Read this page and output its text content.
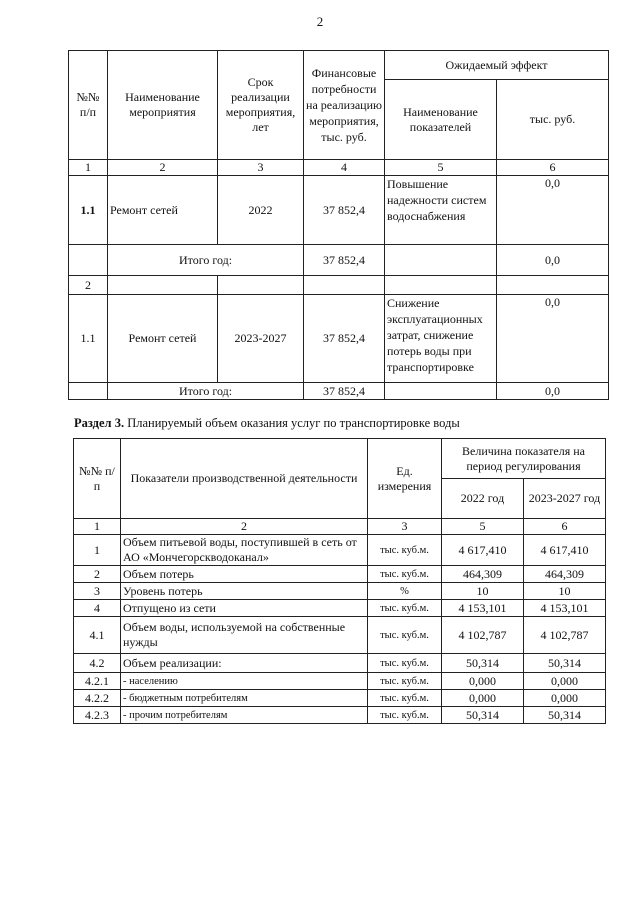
2
№№ п/п	Наименование мероприятия	Срок реализации мероприятия, лет	Финансовые потребности на реализацию мероприятия, тыс. руб.	Ожидаемый эффект	
				Наименование показателей	тыс. руб.
1	2	3	4	5	6
1.1	Ремонт сетей	2022	37 852,4	Повышение надежности систем водоснабжения	0,0
	Итого год:		37 852,4		0,0
2					
1.1	Ремонт сетей	2023-2027	37 852,4	Снижение эксплуатационных затрат, снижение потерь воды при транспортировке	0,0
	Итого год:		37 852,4		0,0
Раздел 3. Планируемый объем оказания услуг по транспортировке воды
№№ п/п	Показатели производственной деятельности	Ед. измерения	Величина показателя на период регулирования	
			2022 год	2023-2027 год
1	2	3	5	6
1	Объем питьевой воды, поступившей в сеть от АО «Мончегорскводоканал»	тыс. куб.м.	4 617,410	4 617,410
2	Объем потерь	тыс. куб.м.	464,309	464,309
3	Уровень потерь	%	10	10
4	Отпущено из сети	тыс. куб.м.	4 153,101	4 153,101
4.1	Объем воды, используемой на собственные нужды	тыс. куб.м.	4 102,787	4 102,787
4.2	Объем реализации:	тыс. куб.м.	50,314	50,314
4.2.1	- населению	тыс. куб.м.	0,000	0,000
4.2.2	- бюджетным потребителям	тыс. куб.м.	0,000	0,000
4.2.3	- прочим потребителям	тыс. куб.м.	50,314	50,314
